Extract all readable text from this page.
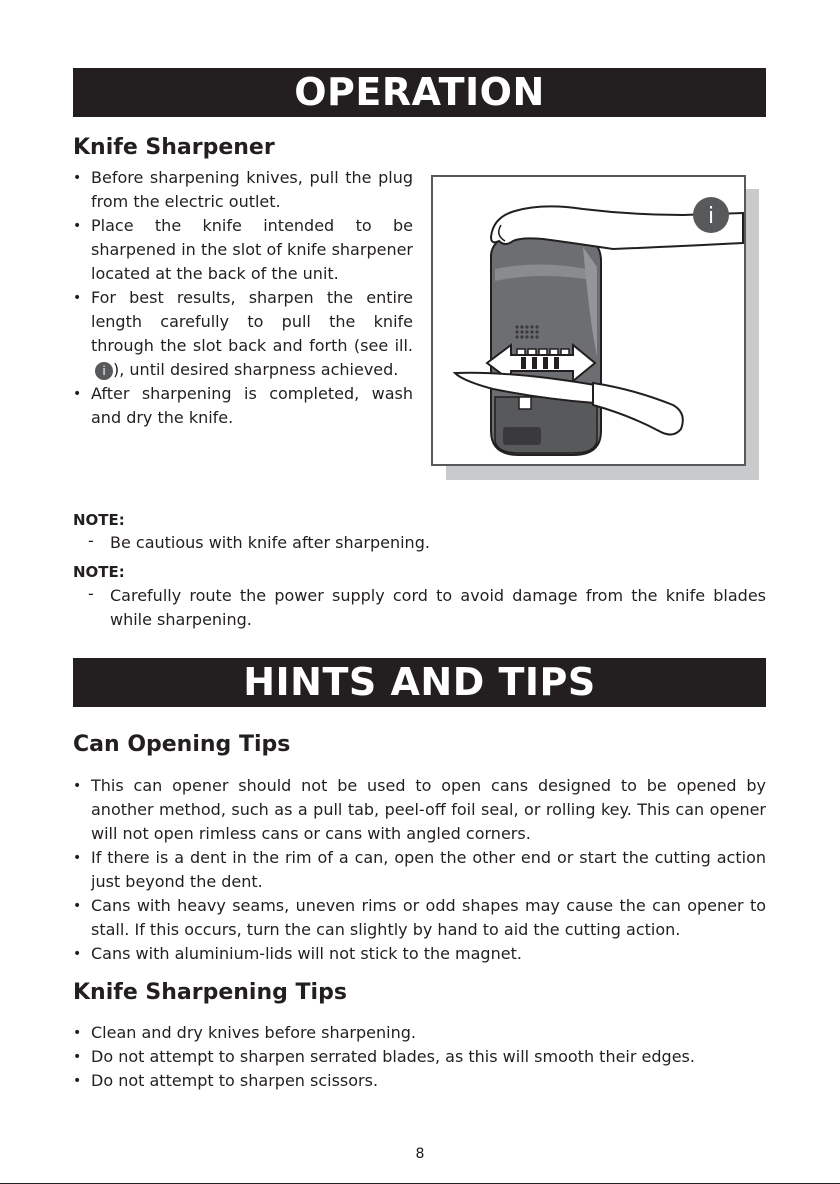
OPERATION
Knife Sharpener
• Before sharpening knives, pull the plug from the electric outlet.
• Place the knife intended to be sharpened in the slot of knife sharpener located at the back of the unit.
• For best results, sharpen the entire length carefully to pull the knife through the slot back and forth (see ill.i ), until desired sharpness achieved.
• After sharpening is completed, wash and dry the knife.
i
NOTE:
- Be cautious with knife after sharpening.
NOTE:
- Carefully route the power supply cord to avoid damage from the knife blades while sharpening.
HINTS AND TIPS
Can Opening Tips
• This can opener should not be used to open cans designed to be opened by another method, such as a pull tab, peel-off foil seal, or rolling key. This can opener will not open rimless cans or cans with angled corners.
• If there is a dent in the rim of a can, open the other end or start the cutting action just beyond the dent.
• Cans with heavy seams, uneven rims or odd shapes may cause the can opener to stall. If this occurs, turn the can slightly by hand to aid the cutting action.
• Cans with aluminium-lids will not stick to the magnet.
Knife Sharpening Tips
• Clean and dry knives before sharpening.
• Do not attempt to sharpen serrated blades, as this will smooth their edges.
• Do not attempt to sharpen scissors.
8
